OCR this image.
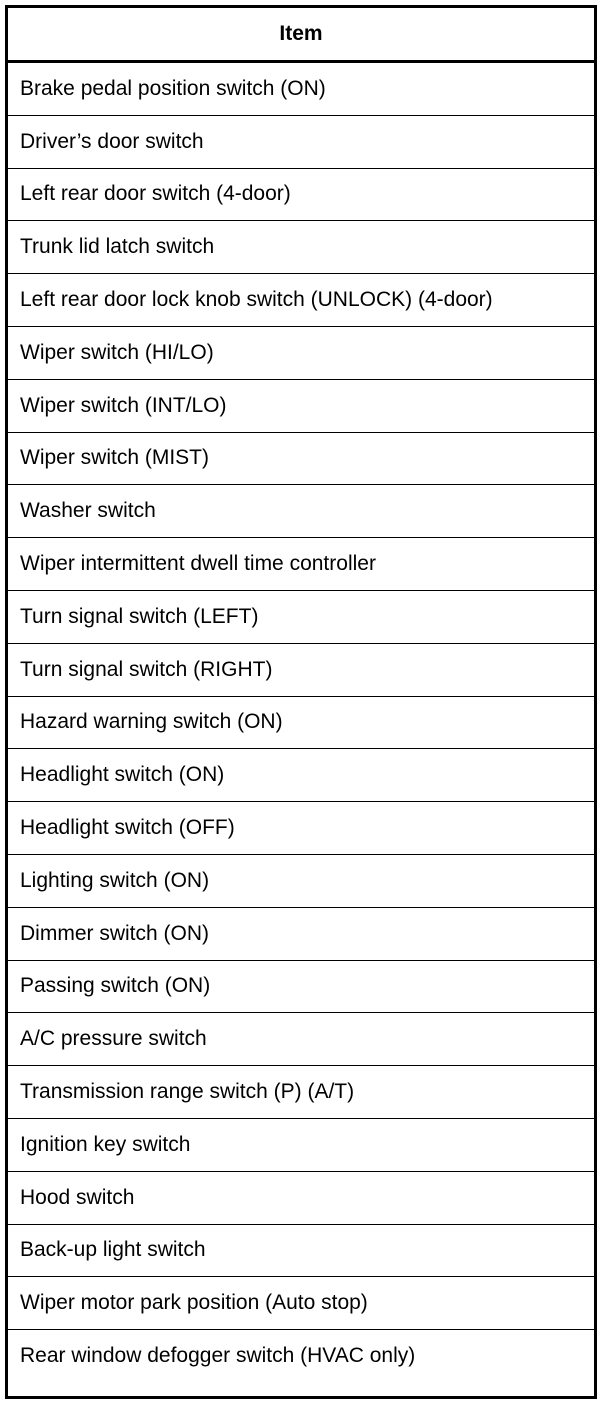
Item
Brake pedal position switch (ON)
Driver’s door switch
Left rear door switch (4-door)
Trunk lid latch switch
Left rear door lock knob switch (UNLOCK) (4-door)
Wiper switch (HI/LO)
Wiper switch (INT/LO)
Wiper switch (MIST)
Washer switch
Wiper intermittent dwell time controller
Turn signal switch (LEFT)
Turn signal switch (RIGHT)
Hazard warning switch (ON)
Headlight switch (ON)
Headlight switch (OFF)
Lighting switch (ON)
Dimmer switch (ON)
Passing switch (ON)
A/C pressure switch
Transmission range switch (P) (A/T)
Ignition key switch
Hood switch
Back-up light switch
Wiper motor park position (Auto stop)
Rear window defogger switch (HVAC only)
